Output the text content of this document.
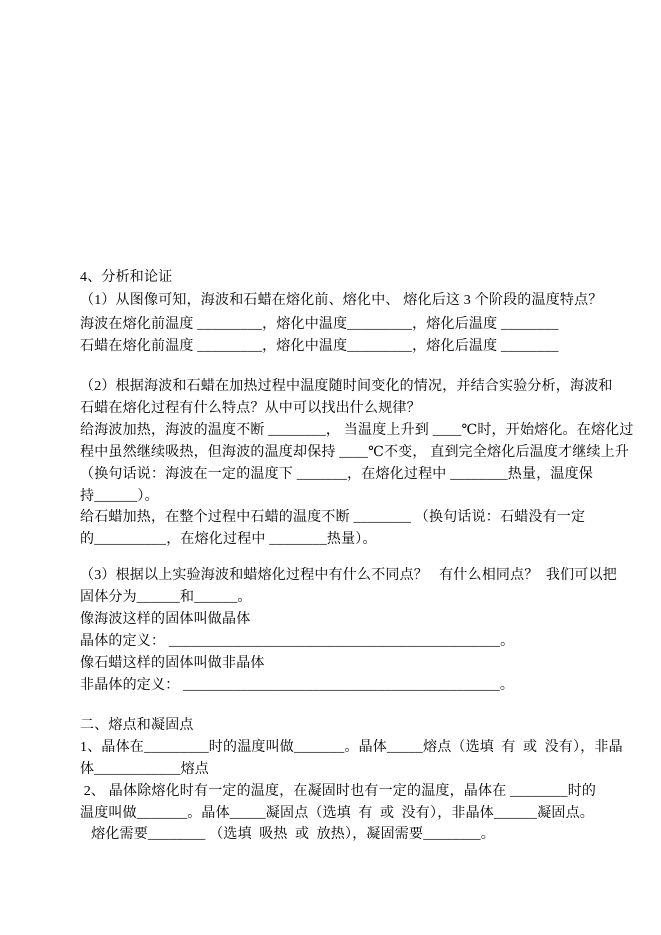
4、分析和论证
（1）从图像可知，海波和石蜡在熔化前、熔化中、 熔化后这 3 个阶段的温度特点？
海波在熔化前温度 _________，熔化中温度_________，熔化后温度 ________
石蜡在熔化前温度 _________，熔化中温度_________，熔化后温度 ________
（2）根据海波和石蜡在加热过程中温度随时间变化的情况，并结合实验分析，海波和
石蜡在熔化过程有什么特点？从中可以找出什么规律？
给海波加热，海波的温度不断 ________， 当温度上升到 ____℃时，开始熔化。在熔化过
程中虽然继续吸热，但海波的温度却保持 ____℃不变， 直到完全熔化后温度才继续上升
（换句话说：海波在一定的温度下 _______，在熔化过程中 ________热量，温度保
持______）。
给石蜡加热，在整个过程中石蜡的温度不断 ________ （换句话说：石蜡没有一定
的__________，在熔化过程中 ________热量）。
（3）根据以上实验海波和蜡熔化过程中有什么不同点？   有什么相同点？  我们可以把
固体分为______和______。
像海波这样的固体叫做晶体
晶体的定义： ______________________________________________。
像石蜡这样的固体叫做非晶体
非晶体的定义： ____________________________________________。
二、熔点和凝固点
1、晶体在_________时的温度叫做_______。晶体_____熔点（选填  有  或  没有），非晶
体____________熔点
2、 晶体除熔化时有一定的温度，在凝固时也有一定的温度，晶体在 ________时的
温度叫做_______。晶体_____凝固点（选填  有  或  没有），非晶体______凝固点。
熔化需要________ （选填  吸热  或  放热），凝固需要________。
